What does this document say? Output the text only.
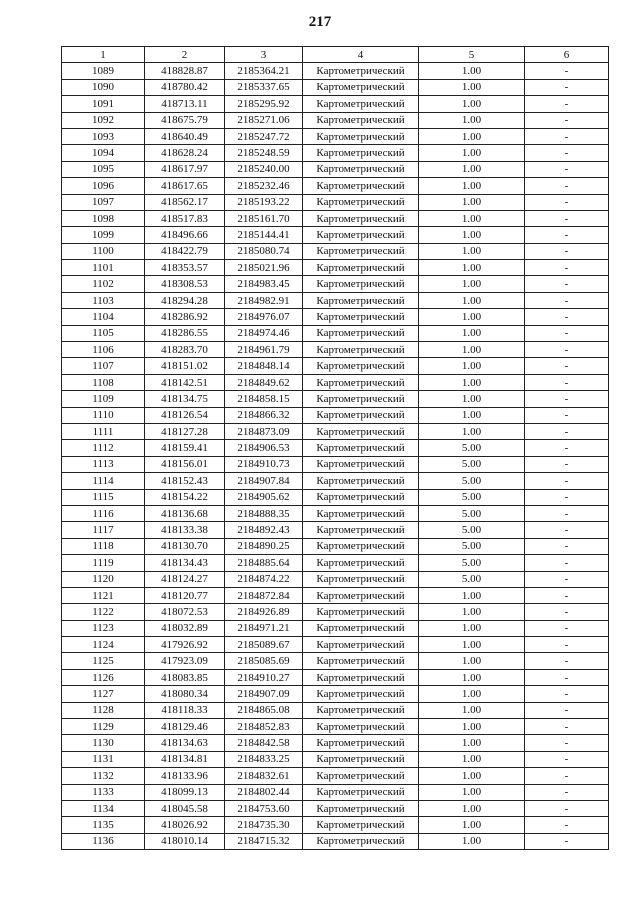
217
1	2	3	4	5	6
1089	418828.87	2185364.21	Картометрический	1.00	-
1090	418780.42	2185337.65	Картометрический	1.00	-
1091	418713.11	2185295.92	Картометрический	1.00	-
1092	418675.79	2185271.06	Картометрический	1.00	-
1093	418640.49	2185247.72	Картометрический	1.00	-
1094	418628.24	2185248.59	Картометрический	1.00	-
1095	418617.97	2185240.00	Картометрический	1.00	-
1096	418617.65	2185232.46	Картометрический	1.00	-
1097	418562.17	2185193.22	Картометрический	1.00	-
1098	418517.83	2185161.70	Картометрический	1.00	-
1099	418496.66	2185144.41	Картометрический	1.00	-
1100	418422.79	2185080.74	Картометрический	1.00	-
1101	418353.57	2185021.96	Картометрический	1.00	-
1102	418308.53	2184983.45	Картометрический	1.00	-
1103	418294.28	2184982.91	Картометрический	1.00	-
1104	418286.92	2184976.07	Картометрический	1.00	-
1105	418286.55	2184974.46	Картометрический	1.00	-
1106	418283.70	2184961.79	Картометрический	1.00	-
1107	418151.02	2184848.14	Картометрический	1.00	-
1108	418142.51	2184849.62	Картометрический	1.00	-
1109	418134.75	2184858.15	Картометрический	1.00	-
1110	418126.54	2184866.32	Картометрический	1.00	-
1111	418127.28	2184873.09	Картометрический	1.00	-
1112	418159.41	2184906.53	Картометрический	5.00	-
1113	418156.01	2184910.73	Картометрический	5.00	-
1114	418152.43	2184907.84	Картометрический	5.00	-
1115	418154.22	2184905.62	Картометрический	5.00	-
1116	418136.68	2184888.35	Картометрический	5.00	-
1117	418133.38	2184892.43	Картометрический	5.00	-
1118	418130.70	2184890.25	Картометрический	5.00	-
1119	418134.43	2184885.64	Картометрический	5.00	-
1120	418124.27	2184874.22	Картометрический	5.00	-
1121	418120.77	2184872.84	Картометрический	1.00	-
1122	418072.53	2184926.89	Картометрический	1.00	-
1123	418032.89	2184971.21	Картометрический	1.00	-
1124	417926.92	2185089.67	Картометрический	1.00	-
1125	417923.09	2185085.69	Картометрический	1.00	-
1126	418083.85	2184910.27	Картометрический	1.00	-
1127	418080.34	2184907.09	Картометрический	1.00	-
1128	418118.33	2184865.08	Картометрический	1.00	-
1129	418129.46	2184852.83	Картометрический	1.00	-
1130	418134.63	2184842.58	Картометрический	1.00	-
1131	418134.81	2184833.25	Картометрический	1.00	-
1132	418133.96	2184832.61	Картометрический	1.00	-
1133	418099.13	2184802.44	Картометрический	1.00	-
1134	418045.58	2184753.60	Картометрический	1.00	-
1135	418026.92	2184735.30	Картометрический	1.00	-
1136	418010.14	2184715.32	Картометрический	1.00	-
